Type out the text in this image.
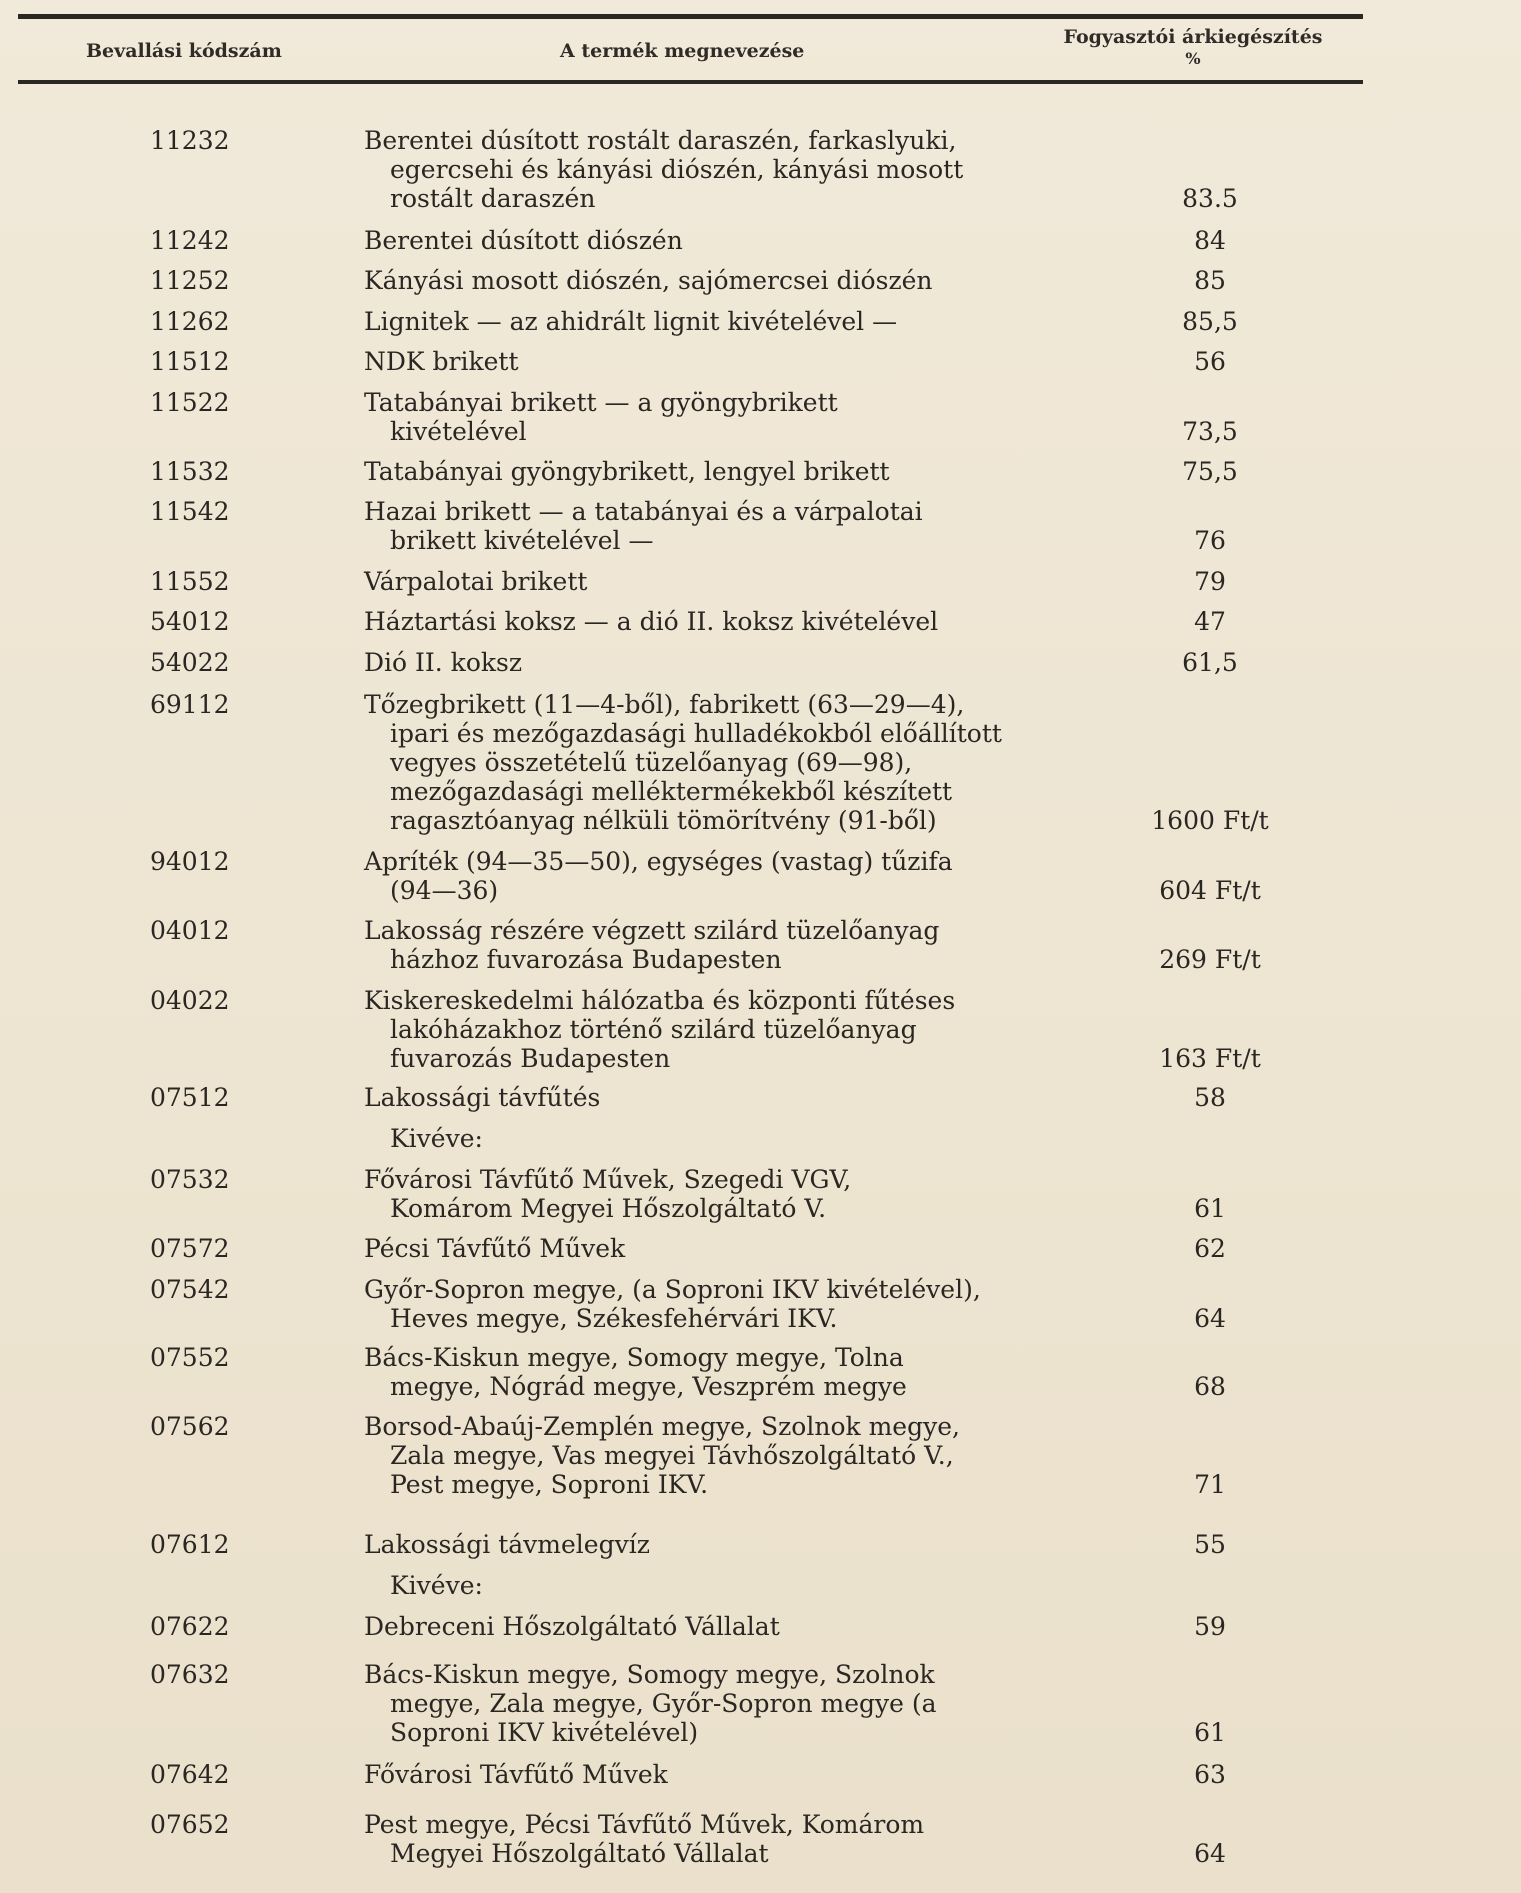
Bevallási kódszám	A termék megnevezése
Fogyasztói árkiegészítés
%
11232	Berentei dúsított rostált daraszén, farkaslyuki,
egercsehi és kányási diószén, kányási mosott
rostált daraszén	83.5
11242	Berentei dúsított diószén	84
11252	Kányási mosott diószén, sajómercsei diószén	85
11262	Lignitek — az ahidrált lignit kivételével —	85,5
11512	NDK brikett	56
11522	Tatabányai brikett — a gyöngybrikett
kivételével	73,5
11532	Tatabányai gyöngybrikett, lengyel brikett	75,5
11542	Hazai brikett — a tatabányai és a várpalotai
brikett kivételével —	76
11552	Várpalotai brikett	79
54012	Háztartási koksz — a dió II. koksz kivételével	47
54022	Dió II. koksz	61,5
69112	Tőzegbrikett (11—4-ből), fabrikett (63—29—4),
ipari és mezőgazdasági hulladékokból előállított
vegyes összetételű tüzelőanyag (69—98),
mezőgazdasági melléktermékekből készített
ragasztóanyag nélküli tömörítvény (91-ből)	1600 Ft/t
94012	Apríték (94—35—50), egységes (vastag) tűzifa
(94—36)	604 Ft/t
04012	Lakosság részére végzett szilárd tüzelőanyag
házhoz fuvarozása Budapesten	269 Ft/t
04022	Kiskereskedelmi hálózatba és központi fűtéses
lakóházakhoz történő szilárd tüzelőanyag
fuvarozás Budapesten	163 Ft/t
07512	Lakossági távfűtés	58
Kivéve:
07532	Fővárosi Távfűtő Művek, Szegedi VGV,
Komárom Megyei Hőszolgáltató V.	61
07572	Pécsi Távfűtő Művek	62
07542	Győr-Sopron megye, (a Soproni IKV kivételével),
Heves megye, Székesfehérvári IKV.	64
07552	Bács-Kiskun megye, Somogy megye, Tolna
megye, Nógrád megye, Veszprém megye	68
07562	Borsod-Abaúj-Zemplén megye, Szolnok megye,
Zala megye, Vas megyei Távhőszolgáltató V.,
Pest megye, Soproni IKV.	71
07612	Lakossági távmelegvíz	55
Kivéve:
07622	Debreceni Hőszolgáltató Vállalat	59
07632	Bács-Kiskun megye, Somogy megye, Szolnok
megye, Zala megye, Győr-Sopron megye (a
Soproni IKV kivételével)	61
07642	Fővárosi Távfűtő Művek	63
07652	Pest megye, Pécsi Távfűtő Művek, Komárom
Megyei Hőszolgáltató Vállalat	64
